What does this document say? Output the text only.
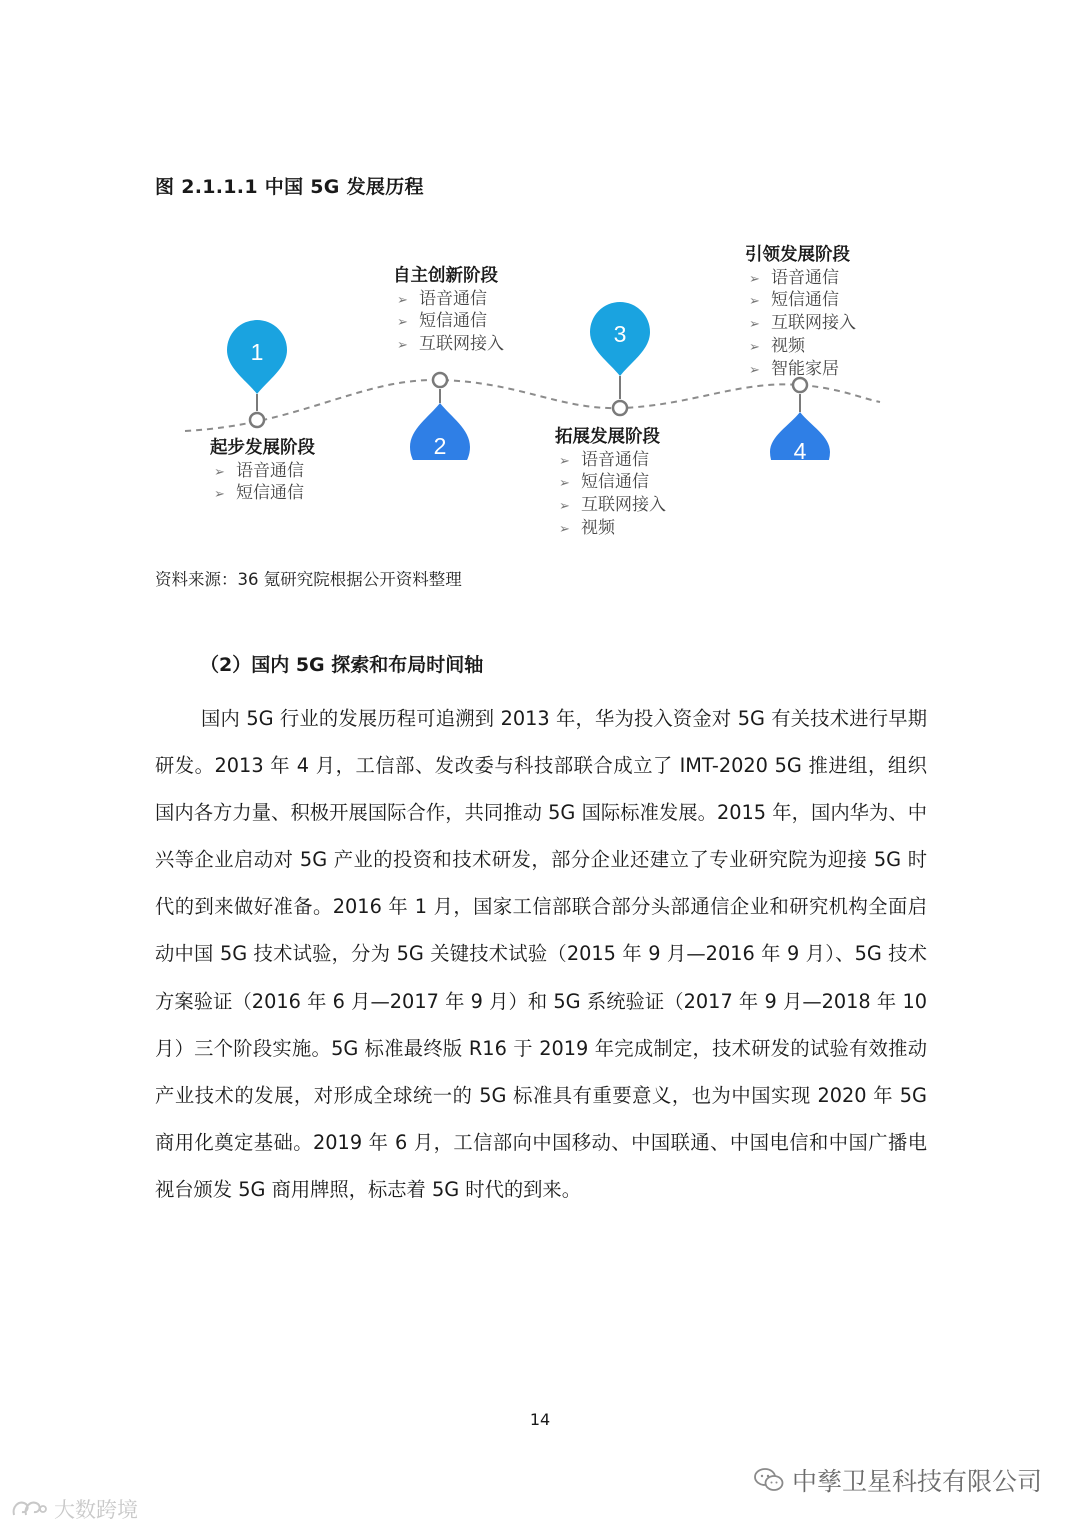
图 2.1.1.1 中国 5G 发展历程
1
2
3
4
起步发展阶段
➢ 语音通信
➢ 短信通信
自主创新阶段
➢ 语音通信
➢ 短信通信
➢ 互联网接入
拓展发展阶段
➢ 语音通信
➢ 短信通信
➢ 互联网接入
➢ 视频
引领发展阶段
➢ 语音通信
➢ 短信通信
➢ 互联网接入
➢ 视频
➢ 智能家居
资料来源：36 氪研究院根据公开资料整理
（2）国内 5G 探索和布局时间轴
国内 5G 行业的发展历程可追溯到 2013 年，华为投入资金对 5G 有关技术进行早期研发。2013 年 4 月，工信部、发改委与科技部联合成立了 IMT-2020 5G 推进组，组织国内各方力量、积极开展国际合作，共同推动 5G 国际标准发展。2015 年，国内华为、中兴等企业启动对 5G 产业的投资和技术研发，部分企业还建立了专业研究院为迎接 5G 时代的到来做好准备。2016 年 1 月，国家工信部联合部分头部通信企业和研究机构全面启动中国 5G 技术试验，分为 5G 关键技术试验（2015 年 9 月—2016 年 9 月）、5G 技术方案验证（2016 年 6 月—2017 年 9 月）和 5G 系统验证（2017 年 9 月—2018 年 10 月）三个阶段实施。5G 标准最终版 R16 于 2019 年完成制定，技术研发的试验有效推动产业技术的发展，对形成全球统一的 5G 标准具有重要意义，也为中国实现 2020 年 5G 商用化奠定基础。2019 年 6 月，工信部向中国移动、中国联通、中国电信和中国广播电视台颁发 5G 商用牌照，标志着 5G 时代的到来。
14
中孳卫星科技有限公司
大数跨境
